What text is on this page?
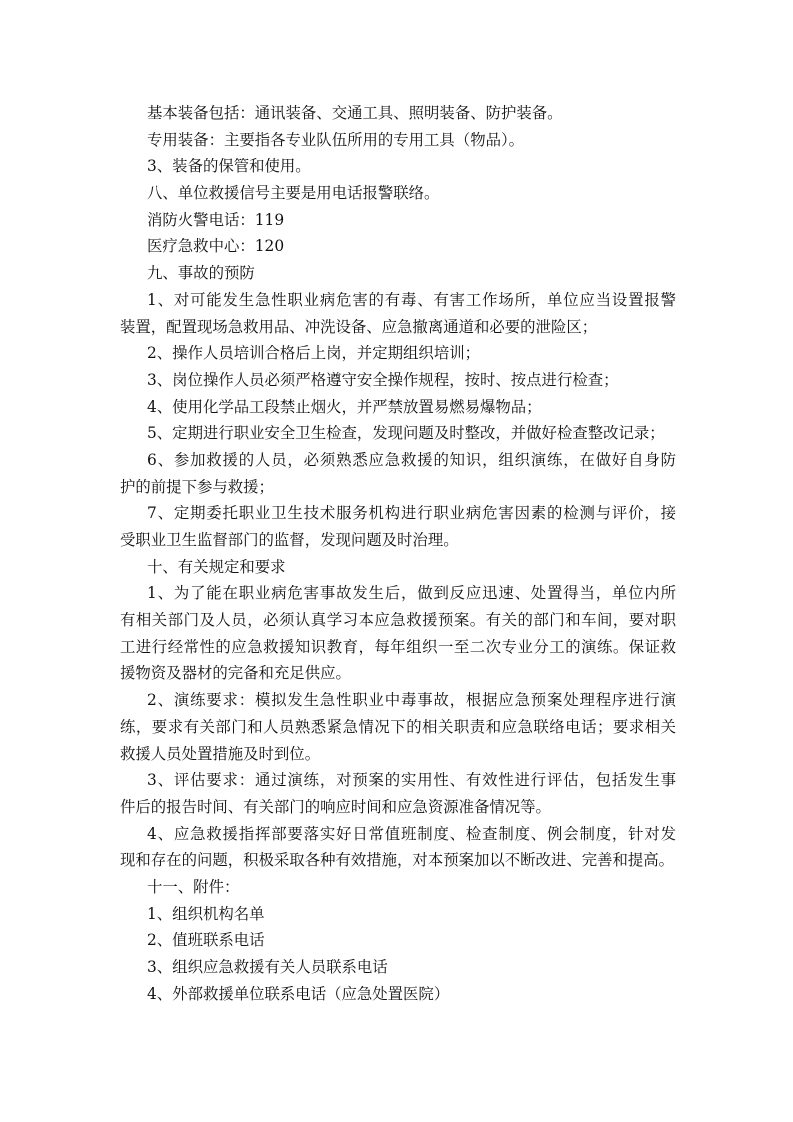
基本装备包括：通讯装备、交通工具、照明装备、防护装备。
专用装备：主要指各专业队伍所用的专用工具（物品）。
3、装备的保管和使用。
八、单位救援信号主要是用电话报警联络。
消防火警电话：119
医疗急救中心：120
九、事故的预防
1、对可能发生急性职业病危害的有毒、有害工作场所，单位应当设置报警
装置，配置现场急救用品、冲洗设备、应急撤离通道和必要的泄险区；
2、操作人员培训合格后上岗，并定期组织培训；
3、岗位操作人员必须严格遵守安全操作规程，按时、按点进行检查；
4、使用化学品工段禁止烟火，并严禁放置易燃易爆物品；
5、定期进行职业安全卫生检查，发现问题及时整改，并做好检查整改记录；
6、参加救援的人员，必须熟悉应急救援的知识，组织演练，在做好自身防
护的前提下参与救援；
7、定期委托职业卫生技术服务机构进行职业病危害因素的检测与评价，接
受职业卫生监督部门的监督，发现问题及时治理。
十、有关规定和要求
1、为了能在职业病危害事故发生后，做到反应迅速、处置得当，单位内所
有相关部门及人员，必须认真学习本应急救援预案。有关的部门和车间，要对职
工进行经常性的应急救援知识教育，每年组织一至二次专业分工的演练。保证救
援物资及器材的完备和充足供应。
2、演练要求：模拟发生急性职业中毒事故，根据应急预案处理程序进行演
练，要求有关部门和人员熟悉紧急情况下的相关职责和应急联络电话；要求相关
救援人员处置措施及时到位。
3、评估要求：通过演练，对预案的实用性、有效性进行评估，包括发生事
件后的报告时间、有关部门的响应时间和应急资源准备情况等。
4、应急救援指挥部要落实好日常值班制度、检查制度、例会制度，针对发
现和存在的问题，积极采取各种有效措施，对本预案加以不断改进、完善和提高。
十一、附件：
1、组织机构名单
2、值班联系电话
3、组织应急救援有关人员联系电话
4、外部救援单位联系电话（应急处置医院）
